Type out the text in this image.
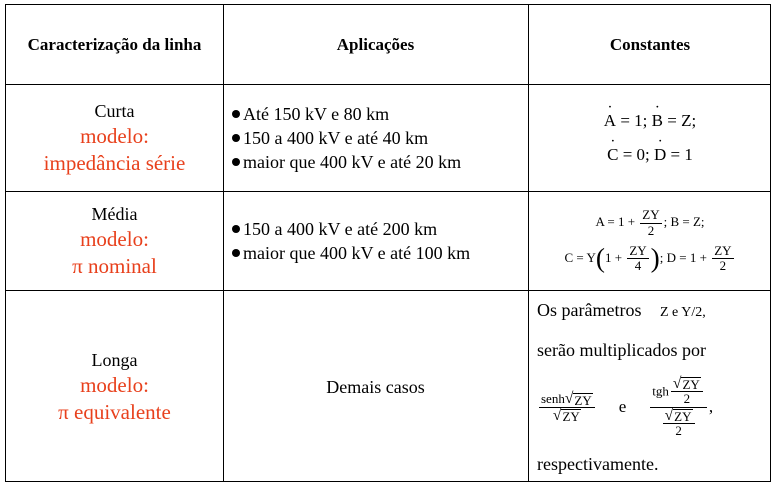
Caracterização da linha	Aplicações	Constantes
Curta
modelo:
impedância série
Até 150 kV e 80 km
150 a 400 kV e até 40 km
maior que 400 kV e até 20 km
˙ A = 1; ˙ B = Z;
˙ C = 0; ˙ D = 1
Média
modelo:
π nominal
150 a 400 kV e até 200 km
maior que 400 kV e até 100 km
$A = 1 + \frac{ZY}{2}$ ; B = Z;
$C = Y(1 + \frac{ZY}{4}$ ); $D = 1 + \frac{ZY}{2}$
Longa
modelo:
π equivalente
Demais casos
Os parâmetros Z e Y/2,
serão multiplicados por
$\frac{\text{senh √ ZY}}{√ ZY}$ e $\frac{tgh \frac{√ ZY}{2}}{\frac{√ ZY}{2}}$ ,
respectivamente.
